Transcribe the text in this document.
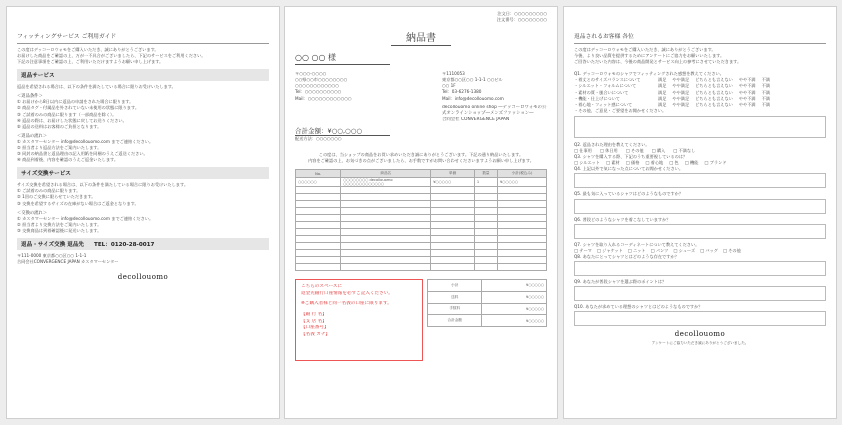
フィッティングサービス ご利用ガイド
この度はデッコーロウォモをご購入いただき、誠にありがとうございます。
お届けした商品をご確認の上、万が一不具合がございましたら、下記のサービスをご利用ください。
下記の注意事項をご確認の上、ご利用いただけますようお願い申し上げます。
返品サービス
返品を希望される場合は、以下の条件を満たしている場合に限りお受けいたします。
＜返品条件＞
① お届けから8日以内に返品の申請をされた場合に限ります。
② 商品タグ・付属品を外されていない未使用の状態に限ります。
③ ご試着のみの商品に限ります（一部商品を除く）。
④ 返品の際は、お届けした状態に戻してお送りください。
⑤ 返品の送料はお客様のご負担となります。
＜返品の流れ＞
① カスタマーセンター info@decollouomo.com までご連絡ください。
② 担当者より返品方法をご案内いたします。
③ 同封の納品書と返品理由の記入用紙を同梱のうえご返送ください。
④ 商品到着後、内容を確認のうえご返金いたします。
サイズ交換サービス
サイズ交換を希望される場合は、以下の条件を満たしている場合に限りお受けいたします。
① ご試着のみの商品に限ります。
② 1回のご交換に限らせていただきます。
③ 交換を希望するサイズの在庫がない場合はご返金となります。
＜交換の流れ＞
① カスタマーセンター info@decollouomo.com までご連絡ください。
② 担当者より交換方法をご案内いたします。
③ 交換商品は到着確認後に発送いたします。
返品・サイズ交換 返品先 TEL：0120-28-0017
〒111-0000 東京都○○区○○ 1-1-1
合同会社CONVERGENCE JAPAN カスタマーセンター
decollouomo
注文日：○○○○○○○○○
注文番号：○○○○○○○○
納品書
○○ ○○ 様
〒○○○-○○○○
○○県○○市○○○○○○○○
○○○○○○○○○○○○
Tel：○○○○○○○○○○
Mail：○○○○○○○○○○○○
〒1110053
東京都○○区○○ 1-1-1 ○○ビル
○○ 1F
Tel：03-6276-1380
Mail：info@decollouomo.com
decollouomo online shop ―デッコーロウォモの公式オンラインショップ―メンズファッション―
合同会社 CONVERGENCE JAPAN
合計金額：¥○○,○○○
配送方法：○○○○○○○
この度は、当ショップの商品をお買い求めいただき誠にありがとうございます。下記の通り納品いたします。
内容をご確認の上、お気づきの点がございましたら、お手数ですがお問い合わせくださいますようお願い申し上げます。
No.	商品名	単価	数量	小計(税込み)
○○○○○○	○○○○○○○○ decollouomo ○○○○○○○○○○○○○	¥○○○○○	1	¥○○○○○

こちらのスペースに
返金先銀行口座情報を必ずご記入ください。
※ご購入者様と同一名義の口座に限ります。
【銀 行 名】
【支 店 名】
【口座番号】
【名義 カナ】
小計	¥○○○○○
送料	¥○○○○○
手数料	¥○○○○○
合計金額	¥○○○○○
返品されるお客様 各位
この度はデッコーロウォモをご購入いただき、誠にありがとうございます。
今後、より良い品質を提供するためにアンケートにご協力をお願いいたします。
ご回答いただいた内容は、今後の商品開発とサービス向上の参考にさせていただきます。
Q1. デッコーロウォモのシャツでフィッティングされた感想を教えてください。
・着丈とのサイズバランスについて	満足 やや満足 どちらとも言えない やや不満 不満
・シルエット・フォルムについて	満足 やや満足 どちらとも言えない やや不満 不満
・素材の質・風合いについて	満足 やや満足 どちらとも言えない やや不満 不満
・機能・仕上げについて	満足 やや満足 どちらとも言えない やや不満 不満
・着心地・フィット感について	満足 やや満足 どちらとも言えない やや不満 不満
・その他、ご意見・ご要望をお聞かせください。
Q2. 返品された理由を教えてください。
□ 仕事用 □ 休日用 □ その他 □ 購入 □ 不満なし
Q3. シャツを購入する際、下記のうち重要視しているのは？
□ シルエット □ 素材 □ 価格 □ 着心地 □ 色 □ 機能 □ ブランド
Q4. 上記以外で気になった点についてお聞かせください。
Q5. 最も気に入っているシャツはどのようなものですか？
Q6. 普段どのようなシャツを着こなしていますか？
Q7. シャツを取り入れるコーディネートについて教えてください。
□ テーマ □ ジャケット □ ニット □ パンツ □ シューズ □ バッグ □ その他
Q8. あなたにとってシャツとはどのような存在ですか？
Q9. あなたが普段シャツを選ぶ際のポイントは？
Q10. あなたが求めている理想のシャツとはどのようなものですか？
decollouomo
アンケートにご協力いただき誠にありがとうございました。
